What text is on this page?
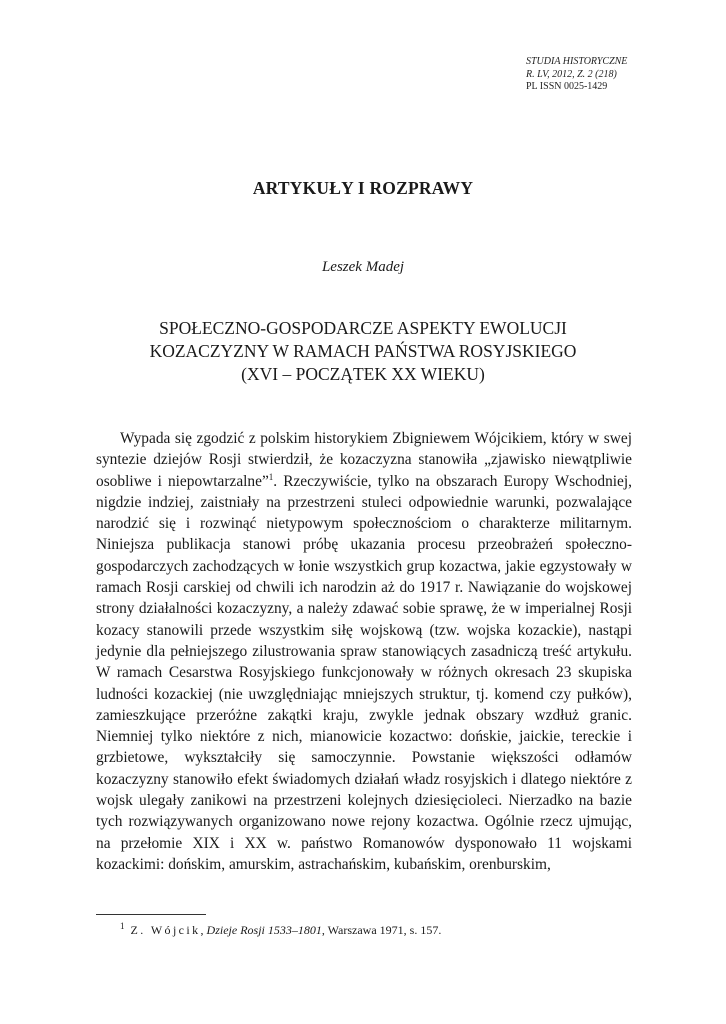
STUDIA HISTORYCZNE
R. LV, 2012, Z. 2 (218)
PL ISSN 0025-1429
ARTYKUŁY I ROZPRAWY

Leszek Madej

SPOŁECZNO-GOSPODARCZE ASPEKTY EWOLUCJI
KOZACZYZNY W RAMACH PAŃSTWA ROSYJSKIEGO
(XVI – POCZĄTEK XX WIEKU)

Wypada się zgodzić z polskim historykiem Zbigniewem Wójcikiem, który w swej syntezie dziejów Rosji stwierdził, że kozaczyzna stanowiła „zjawisko niewątpliwie osobliwe i niepowtarzalne”$^1$. Rzeczywiście, tylko na obszarach Europy Wschodniej, nigdzie indziej, zaistniały na przestrzeni stuleci odpowiednie warunki, pozwalające narodzić się i rozwinąć nietypowym społecznościom o charakterze militarnym. Niniejsza publikacja stanowi próbę ukazania procesu przeobrażeń społeczno-gospodarczych zachodzących w łonie wszystkich grup kozactwa, jakie egzystowały w ramach Rosji carskiej od chwili ich narodzin aż do 1917 r. Nawiązanie do wojskowej strony działalności kozaczyzny, a należy zdawać sobie sprawę, że w imperialnej Rosji kozacy stanowili przede wszystkim siłę wojskową (tzw. wojska kozackie), nastąpi jedynie dla pełniejszego zilustrowania spraw stanowiących zasadniczą treść artykułu. W ramach Cesarstwa Rosyjskiego funkcjonowały w różnych okresach 23 skupiska ludności kozackiej (nie uwzględniając mniejszych struktur, tj. komend czy pułków), zamieszkujące przeróżne zakątki kraju, zwykle jednak obszary wzdłuż granic. Niemniej tylko niektóre z nich, mianowicie kozactwo: dońskie, jaickie, tereckie i grzbietowe, wykształciły się samoczynnie. Powstanie większości odłamów kozaczyzny stanowiło efekt świadomych działań władz rosyjskich i dlatego niektóre z wojsk ulegały zanikowi na przestrzeni kolejnych dziesięcioleci. Nierzadko na bazie tych rozwiązywanych organizowano nowe rejony kozactwa. Ogólnie rzecz ujmując, na przełomie XIX i XX w. państwo Romanowów dysponowało 11 wojskami kozackimi: dońskim, amurskim, astrachańskim, kubańskim, orenburskim,

$^1$ Z. Wójcik, Dzieje Rosji 1533–1801, Warszawa 1971, s. 157.
